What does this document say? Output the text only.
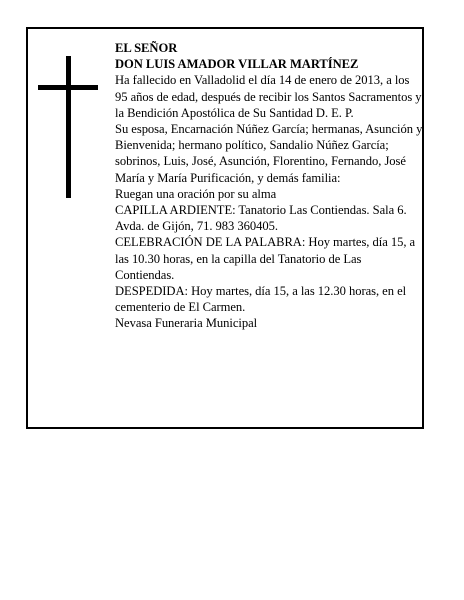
EL SEÑOR

DON LUIS AMADOR VILLAR MARTÍNEZ

Ha fallecido en Valladolid el día 14 de enero de 2013, a los 95 años de edad, después de recibir los Santos Sacramentos y la Bendición Apostólica de Su Santidad D. E. P.

Su esposa, Encarnación Núñez García; hermanas, Asunción y Bienvenida; hermano político, Sandalio Núñez García; sobrinos, Luis, José, Asunción, Florentino, Fernando, José María y María Purificación, y demás familia:

Ruegan una oración por su alma

CAPILLA ARDIENTE: Tanatorio Las Contiendas. Sala 6. Avda. de Gijón, 71. 983 360405.

CELEBRACIÓN DE LA PALABRA: Hoy martes, día 15, a las 10.30 horas, en la capilla del Tanatorio de Las Contiendas.

DESPEDIDA: Hoy martes, día 15, a las 12.30 horas, en el cementerio de El Carmen.

Nevasa Funeraria Municipal
